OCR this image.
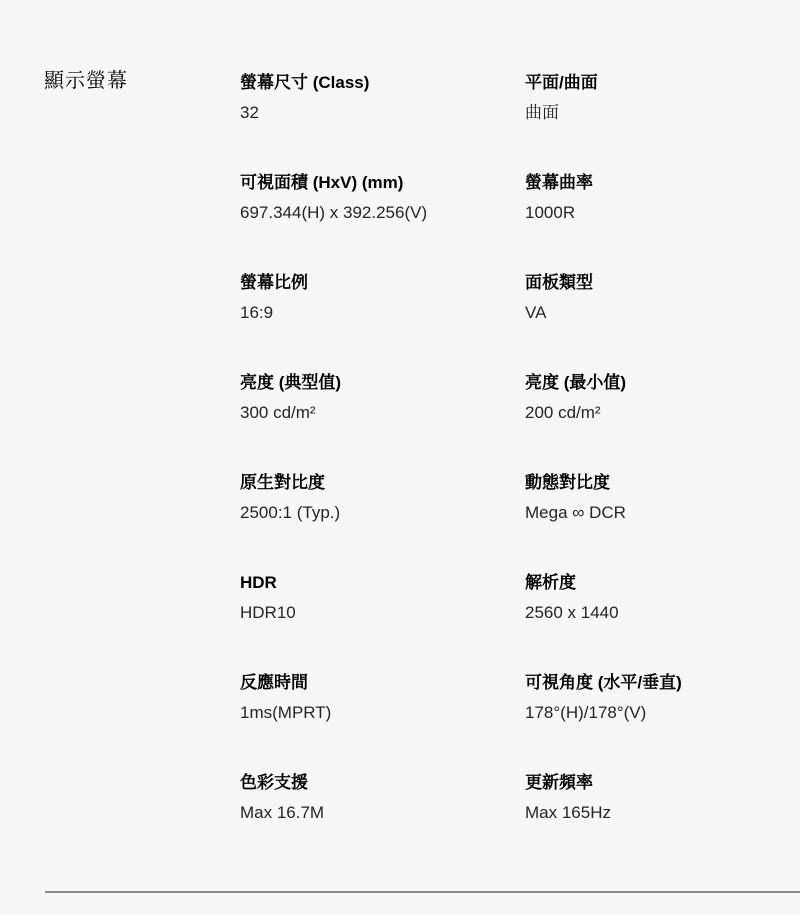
顯示螢幕	螢幕尺寸 (Class)
32
平面/曲面
曲面
可視面積 (HxV) (mm)
697.344(H) x 392.256(V)
螢幕曲率
1000R
螢幕比例
16:9
面板類型
VA
亮度 (典型值)
300 cd/m²
亮度 (最小值)
200 cd/m²
原生對比度
2500:1 (Typ.)
動態對比度
Mega ∞ DCR
HDR
HDR10
解析度
2560 x 1440
反應時間
1ms(MPRT)
可視角度 (水平/垂直)
178°(H)/178°(V)
色彩支援
Max 16.7M
更新頻率
Max 165Hz
